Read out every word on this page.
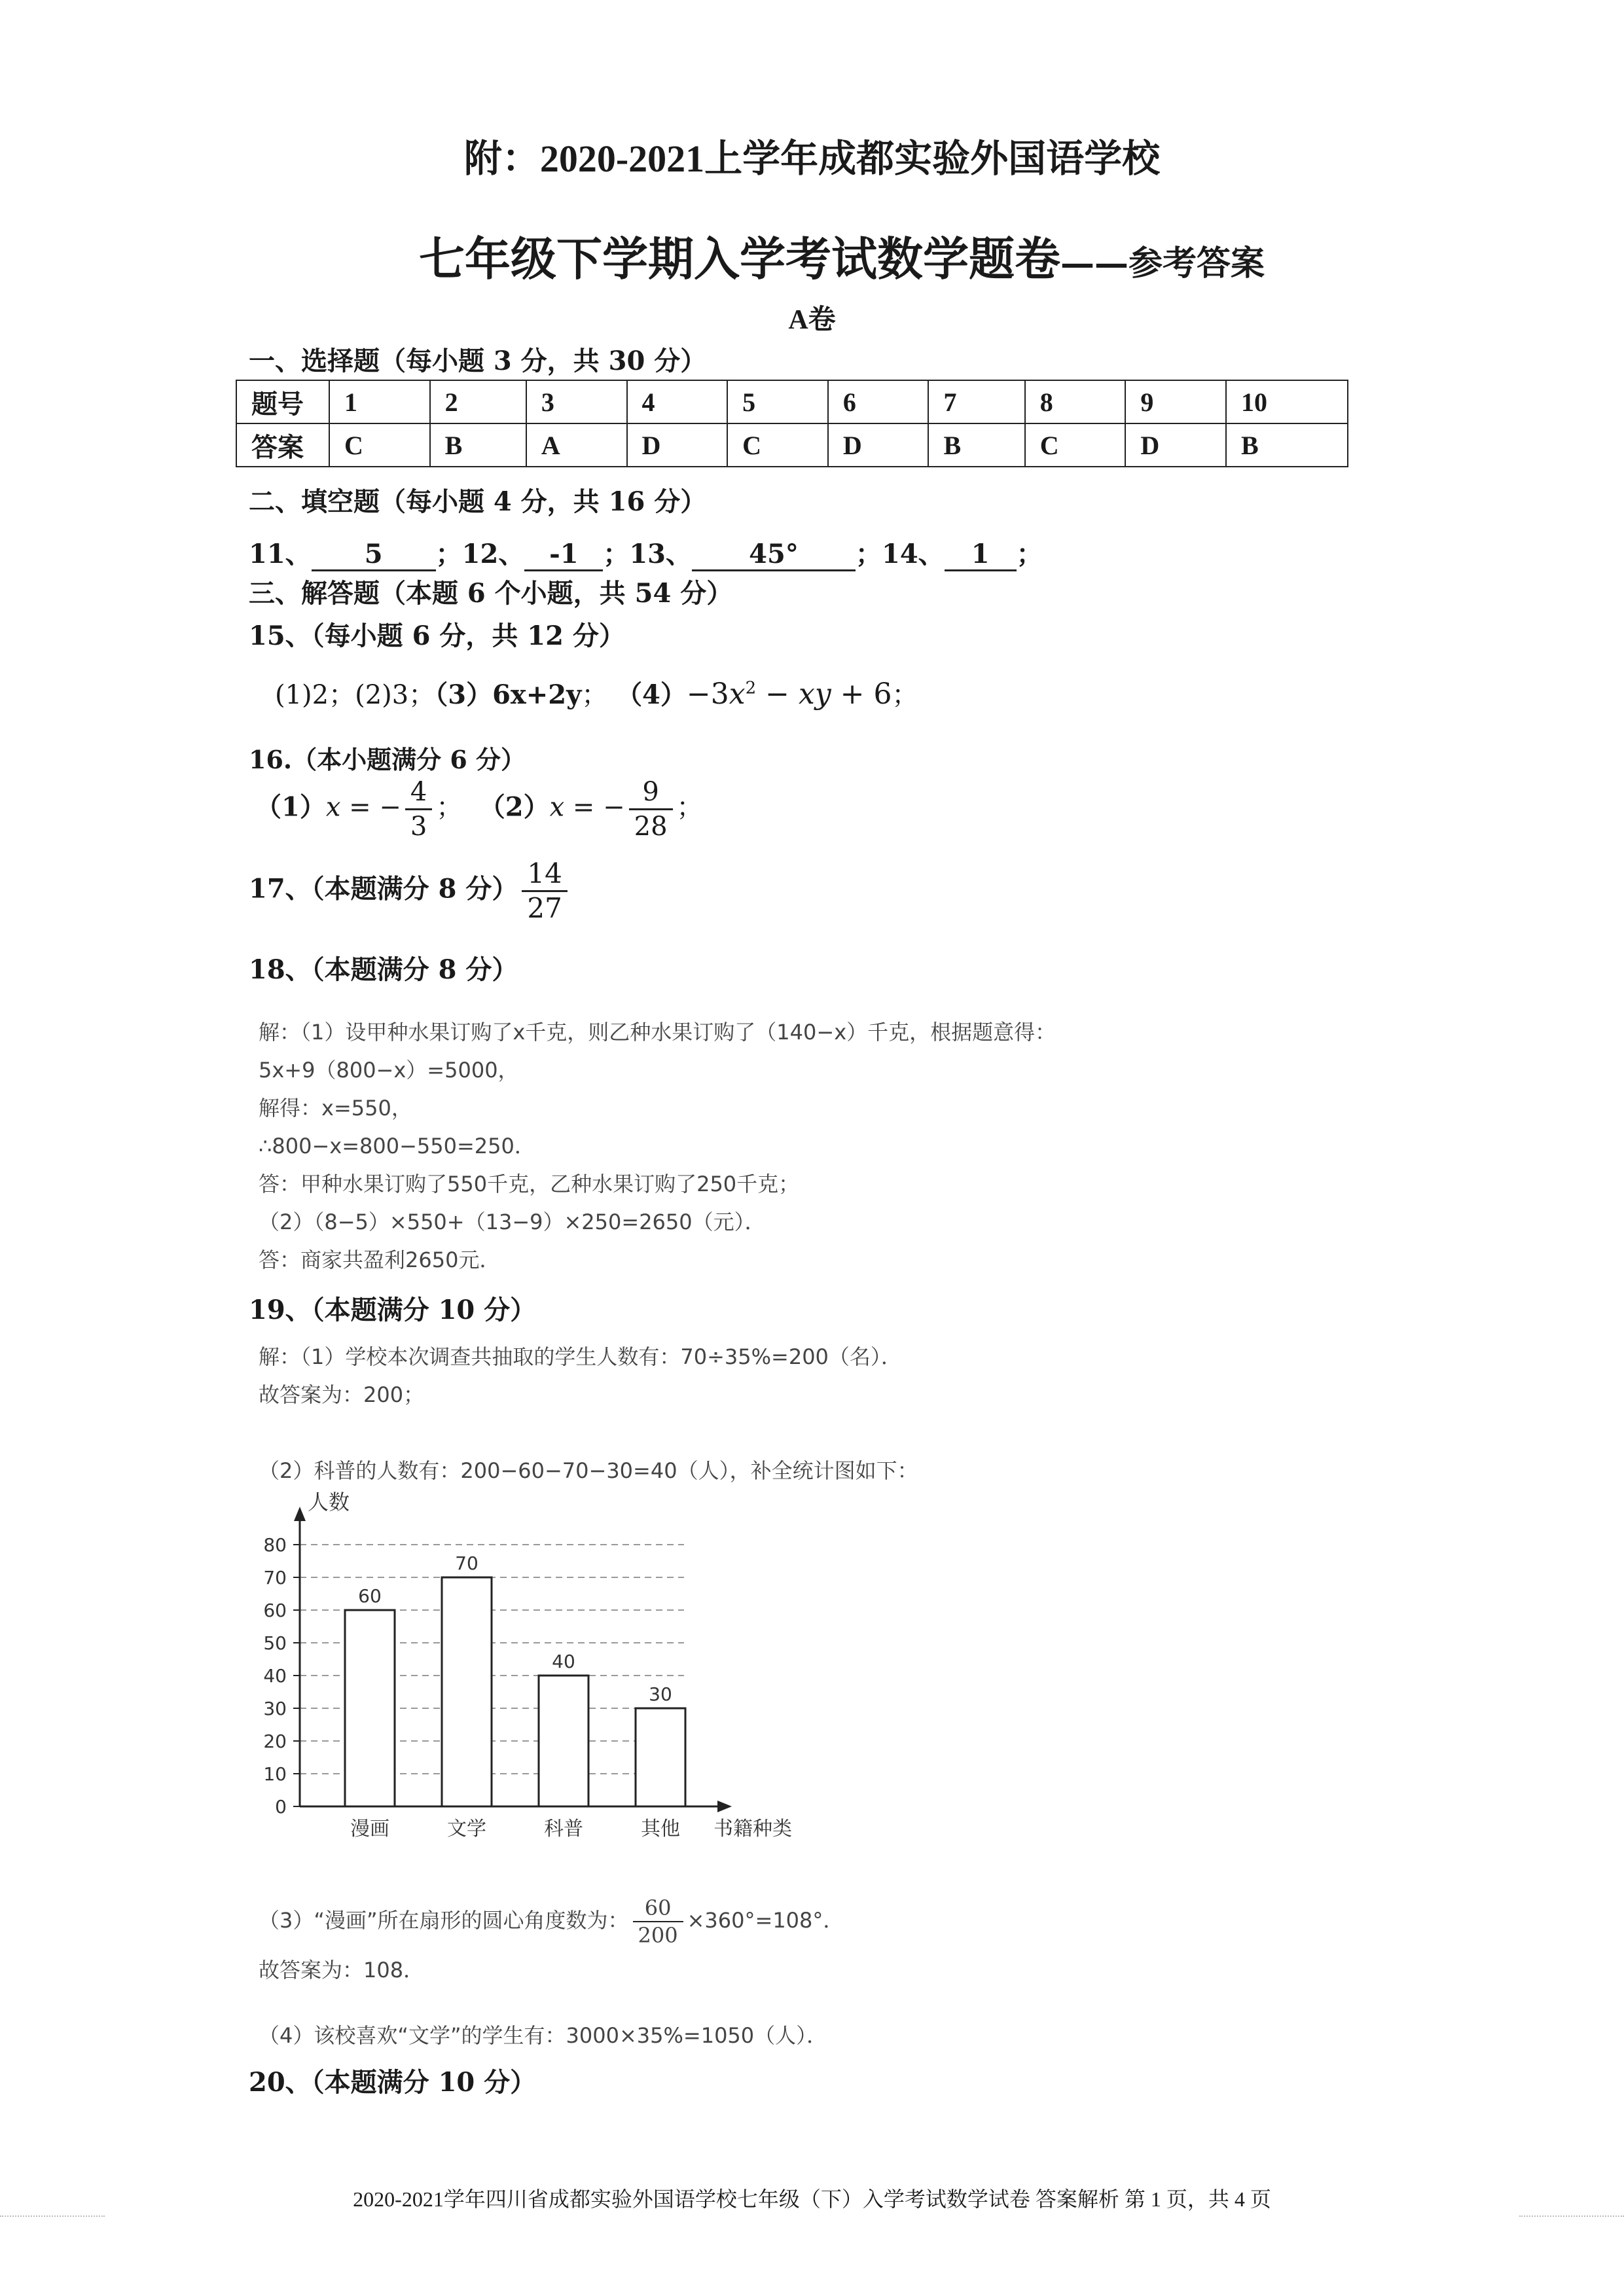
附：2020-2021上学年成都实验外国语学校
七年级下学期入学考试数学题卷——参考答案
A卷
一、选择题（每小题 3 分，共 30 分）
题号	1	2	3	4	5	6	7	8	9	10
答案	C	B	A	D	C	D	B	C	D	B
二、填空题（每小题 4 分，共 16 分）
11、 5 ；12、 -1 ；13、 45° ；14、 1 ；
三、解答题（本题 6 个小题，共 54 分）
15、（每小题 6 分，共 12 分）
(1)2；(2)3；（3）6x+2y； $(4)-3x^2$ − xy + 6；
16.（本小题满分 6 分）
（1）x = − $\frac{4}{3}$ ； （2）x = − $\frac{9}{28}$ ；
17、（本题满分 8 分） $\frac{14}{27}$
18、（本题满分 8 分）
解：（1）设甲种水果订购了x千克，则乙种水果订购了（140−x）千克，根据题意得：
5x+9（800−x）=5000，
解得：x=550，
∴800−x=800−550=250．
答：甲种水果订购了550千克，乙种水果订购了250千克；
（2）（8−5）×550+（13−9）×250=2650（元）．
答：商家共盈利2650元．
19、（本题满分 10 分）
解：（1）学校本次调查共抽取的学生人数有：70÷35%=200（名）．
故答案为：200；
（2）科普的人数有：200−60−70−30=40（人），补全统计图如下：
0
10
20
30
40
50
60
70
80
60
70
40
30
漫画	文学	科普	其他
人数
书籍种类
（3）“漫画”所在扇形的圆心角度数为： $\frac{60}{200} \times 360^\circ=108^\circ$．
故答案为：108．
（4）该校喜欢“文学”的学生有：3000×35%=1050（人）．
20、（本题满分 10 分）
2020-2021学年四川省成都实验外国语学校七年级（下）入学考试数学试卷 答案解析 第 1 页，共 4 页
